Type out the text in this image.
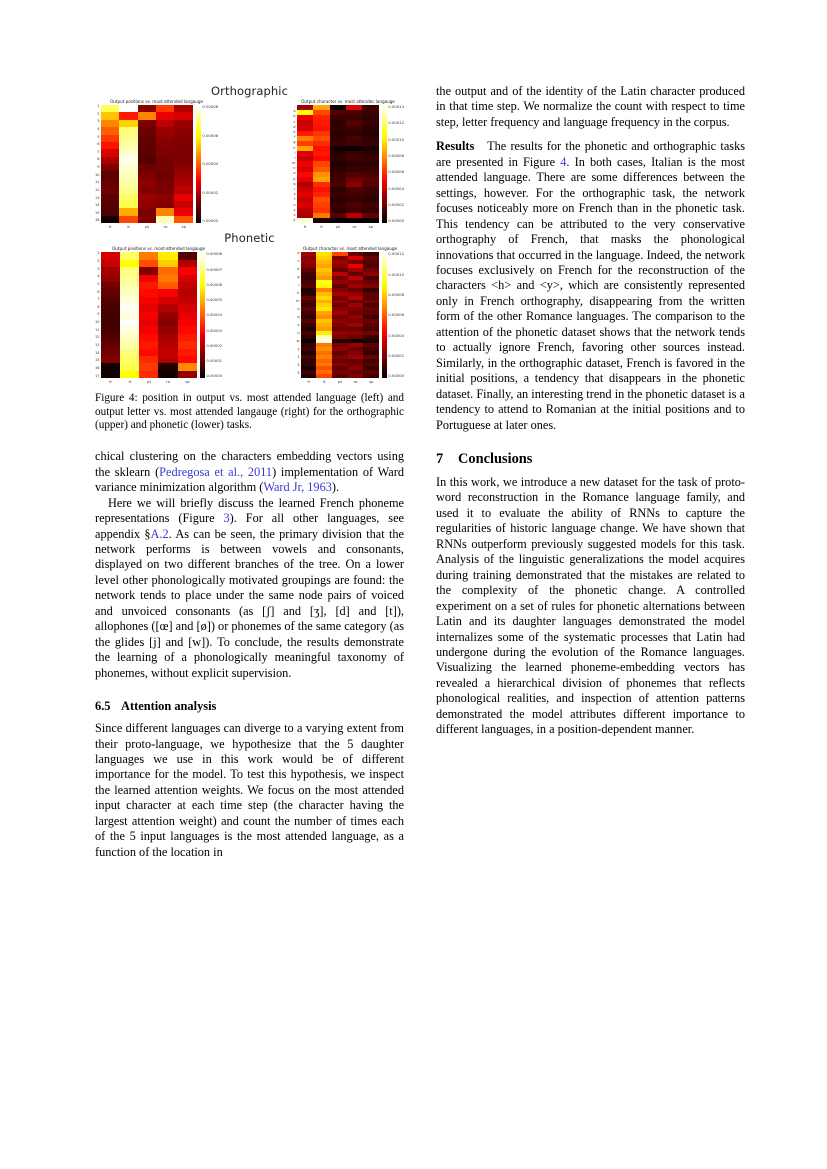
Orthographic
Output positions vs. most-attended langauge
1
2
3
4
5
6
7
8
9
10
11
12
13
14
15
16
0.00008
0.00006
0.00004
0.00002
0.00000
fr	it	pt	ro	sp
Output character vs. most attendec langauge
-
a
b
c
d
e
f
g
h
i
l
m
n
o
p
q
r
s
t
u
v
x
y
0.00014
0.00012
0.00010
0.00008
0.00006
0.00004
0.00002
0.00000
fr	it	pt	ro	sp
Phonetic
Output positions vs. most-attended langauge
1
2
3
4
5
6
7
8
9
10
11
12
13
14
15
16
17
0.00008
0.00007
0.00006
0.00005
0.00004
0.00003
0.00002
0.00001
0.00000
fr	it	pt	ro	sp
Output character vs. most attended langauge
a
c
e
g
i
k
m
o
q
s
u
w
y
1
3
5
0.00012
0.00010
0.00008
0.00006
0.00004
0.00002
0.00000
fr	it	pt	ro	sp

Figure 4: position in output vs. most attended language (left) and output letter vs. most attended langauge (right) for the orthographic (upper) and phonetic (lower) tasks.

chical clustering on the characters embedding vectors using the sklearn (Pedregosa et al., 2011) implementation of Ward variance minimization algorithm (Ward Jr, 1963).

Here we will briefly discuss the learned French phoneme representations (Figure 3). For all other languages, see appendix §A.2. As can be seen, the primary division that the network performs is between vowels and consonants, displayed on two different branches of the tree. On a lower level other phonologically motivated groupings are found: the network tends to place under the same node pairs of voiced and unvoiced consonants (as [ʃ] and [ʒ], [d] and [t]), allophones ([œ] and [ø]) or phonemes of the same category (as the glides [j] and [w]). To conclude, the results demonstrate the learning of a phonologically meaningful taxonomy of phonemes, without explicit supervision.

6.5 Attention analysis

Since different languages can diverge to a varying extent from their proto-language, we hypothesize that the 5 daughter languages we use in this work would be of different importance for the model. To test this hypothesis, we inspect the learned attention weights. We focus on the most attended input character at each time step (the character having the largest attention weight) and count the number of times each of the 5 input languages is the most attended language, as a function of the location in

the output and of the identity of the Latin character produced in that time step. We normalize the count with respect to time step, letter frequency and language frequency in the corpus.

Results The results for the phonetic and orthographic tasks are presented in Figure 4. In both cases, Italian is the most attended language. There are some differences between the settings, however. For the orthographic task, the network focuses noticeably more on French than in the phonetic task. This tendency can be attributed to the very conservative orthography of French, that masks the phonological innovations that occurred in the language. Indeed, the network focuses exclusively on French for the reconstruction of the characters <h> and <y>, which are consistently represented only in French orthography, disappearing from the written form of the other Romance languages. The comparison to the attention of the phonetic dataset shows that the network tends to actually ignore French, favoring other sources instead. Similarly, in the orthographic dataset, French is favored in the initial positions, a tendency that disappears in the phonetic dataset. Finally, an interesting trend in the phonetic dataset is a tendency to attend to Romanian at the initial positions and to Portuguese at later ones.

7 Conclusions

In this work, we introduce a new dataset for the task of proto-word reconstruction in the Romance language family, and used it to evaluate the ability of RNNs to capture the regularities of historic language change. We have shown that RNNs outperform previously suggested models for this task. Analysis of the linguistic generalizations the model acquires during training demonstrated that the mistakes are related to the complexity of the phonetic change. A controlled experiment on a set of rules for phonetic alternations between Latin and its daughter languages demonstrated the model internalizes some of the systematic processes that Latin had undergone during the evolution of the Romance languages. Visualizing the learned phoneme-embedding vectors has revealed a hierarchical division of phonemes that reflects phonological realities, and inspection of attention patterns demonstrated the model attributes different importance to different languages, in a position-dependent manner.
